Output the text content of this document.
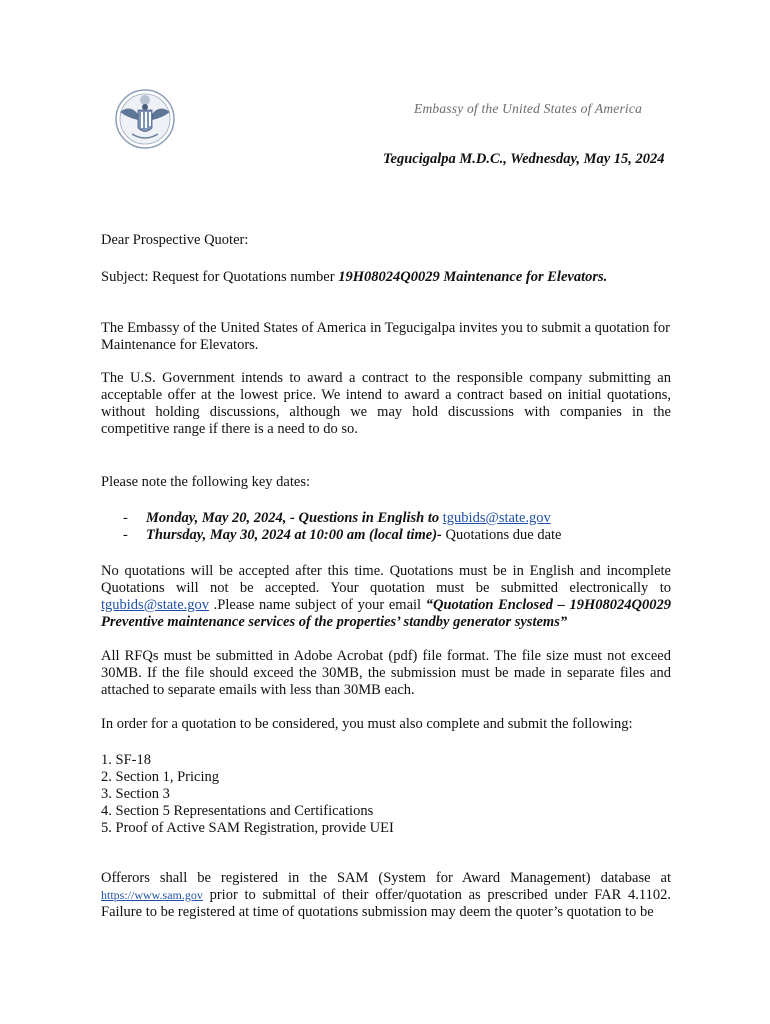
Embassy of the United States of America
Tegucigalpa M.D.C., Wednesday, May 15, 2024
Dear Prospective Quoter:
Subject: Request for Quotations number 19H08024Q0029 Maintenance for Elevators.
The Embassy of the United States of America in Tegucigalpa invites you to submit a quotation for Maintenance for Elevators.
The U.S. Government intends to award a contract to the responsible company submitting an acceptable offer at the lowest price. We intend to award a contract based on initial quotations, without holding discussions, although we may hold discussions with companies in the competitive range if there is a need to do so.
Please note the following key dates:
- Monday, May 20, 2024, - Questions in English to tgubids@state.gov
- Thursday, May 30, 2024 at 10:00 am (local time)- Quotations due date
No quotations will be accepted after this time. Quotations must be in English and incomplete Quotations will not be accepted. Your quotation must be submitted electronically to tgubids@state.gov .Please name subject of your email “Quotation Enclosed – 19H08024Q0029 Preventive maintenance services of the properties’ standby generator systems”
All RFQs must be submitted in Adobe Acrobat (pdf) file format. The file size must not exceed 30MB. If the file should exceed the 30MB, the submission must be made in separate files and attached to separate emails with less than 30MB each.
In order for a quotation to be considered, you must also complete and submit the following:
1. SF-18
2. Section 1, Pricing
3. Section 3
4. Section 5 Representations and Certifications
5. Proof of Active SAM Registration, provide UEI
Offerors shall be registered in the SAM (System for Award Management) database at https://www.sam.gov prior to submittal of their offer/quotation as prescribed under FAR 4.1102. Failure to be registered at time of quotations submission may deem the quoter’s quotation to be
